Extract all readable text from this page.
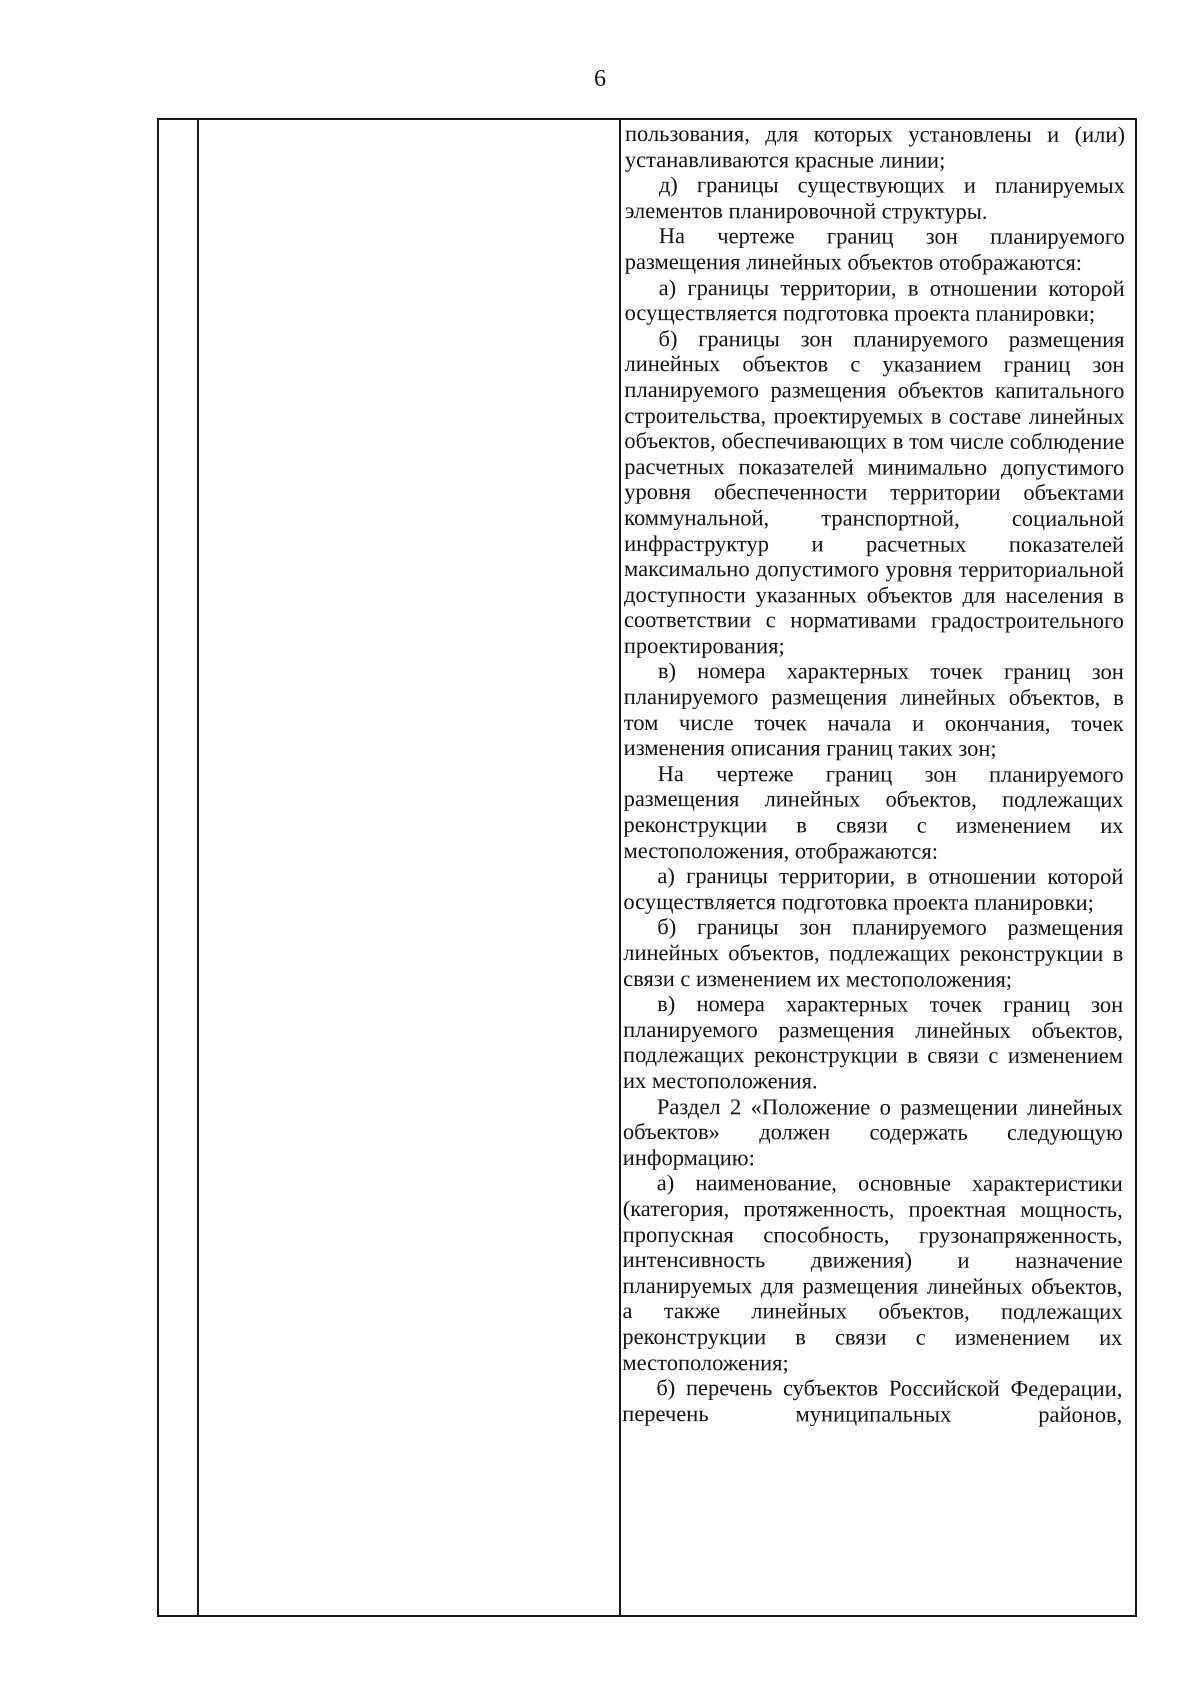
6

пользования, для которых установлены и (или) устанавливаются красные линии;

д) границы существующих и планируемых элементов планировочной структуры.

На чертеже границ зон планируемого размещения линейных объектов отображаются:

а) границы территории, в отношении которой осуществляется подготовка проекта планировки;

б) границы зон планируемого размещения линейных объектов с указанием границ зон планируемого размещения объектов капитального строительства, проектируемых в составе линейных объектов, обеспечивающих в том числе соблюдение расчетных показателей минимально допустимого уровня обеспеченности территории объектами коммунальной, транспортной, социальной инфраструктур и расчетных показателей максимально допустимого уровня территориальной доступности указанных объектов для населения в соответствии с нормативами градостроительного проектирования;

в) номера характерных точек границ зон планируемого размещения линейных объектов, в том числе точек начала и окончания, точек изменения описания границ таких зон;

На чертеже границ зон планируемого размещения линейных объектов, подлежащих реконструкции в связи с изменением их местоположения, отображаются:

а) границы территории, в отношении которой осуществляется подготовка проекта планировки;

б) границы зон планируемого размещения линейных объектов, подлежащих реконструкции в связи с изменением их местоположения;

в) номера характерных точек границ зон планируемого размещения линейных объектов, подлежащих реконструкции в связи с изменением их местоположения.

Раздел 2 «Положение о размещении линейных объектов» должен содержать следующую информацию:

а) наименование, основные характеристики (категория, протяженность, проектная мощность, пропускная способность, грузонапряженность, интенсивность движения) и назначение планируемых для размещения линейных объектов, а также линейных объектов, подлежащих реконструкции в связи с изменением их местоположения;

б) перечень субъектов Российской Федерации, перечень муниципальных районов,
